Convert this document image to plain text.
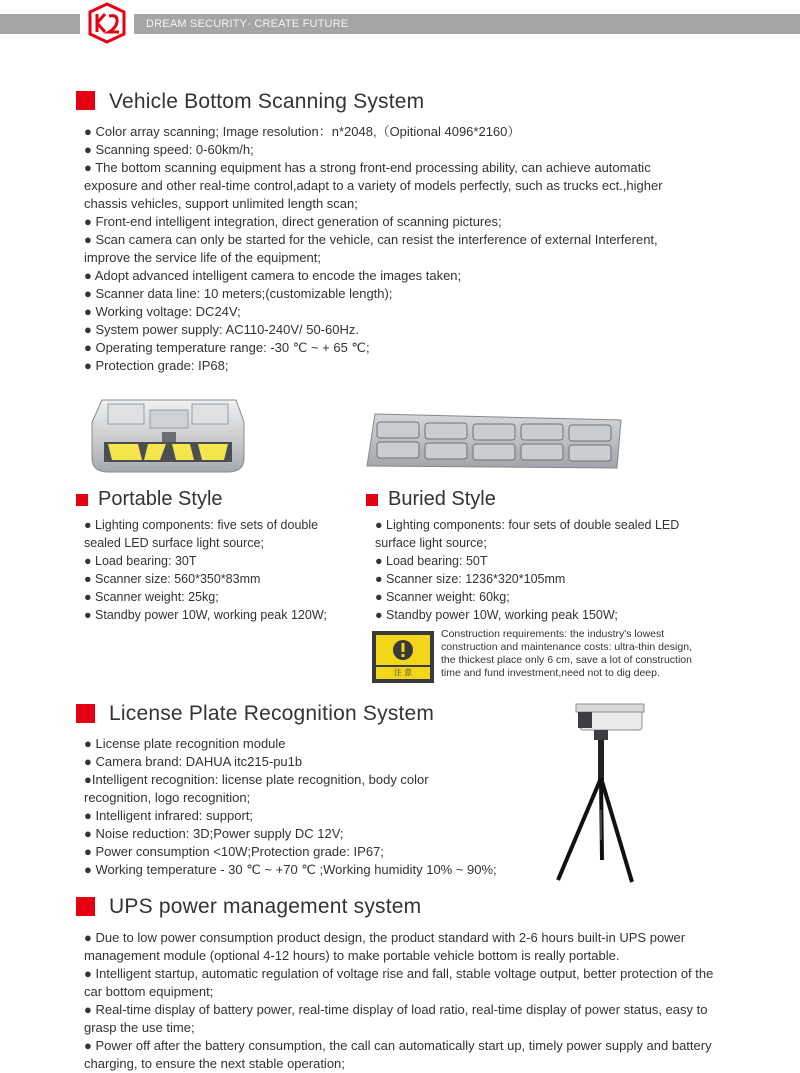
DREAM SECURITY· CREATE FUTURE
Vehicle Bottom Scanning System

● Color array scanning; Image resolution：n*2048,（Opitional 4096*2160）

● Scanning speed: 0-60km/h;

● The bottom scanning equipment has a strong front-end processing ability, can achieve automatic

exposure and other real-time control,adapt to a variety of models perfectly, such as trucks ect.,higher

chassis vehicles, support unlimited length scan;

● Front-end intelligent integration, direct generation of scanning pictures;

● Scan camera can only be started for the vehicle, can resist the interference of external Interferent,

improve the service life of the equipment;

● Adopt advanced intelligent camera to encode the images taken;

● Scanner data line: 10 meters;(customizable length);

● Working voltage: DC24V;

● System power supply: AC110-240V/ 50-60Hz.

● Operating temperature range: -30 ℃ ~ + 65 ℃;

● Protection grade: IP68;

Portable Style

● Lighting components: five sets of double

sealed LED surface light source;

● Load bearing: 30T

● Scanner size: 560*350*83mm

● Scanner weight: 25kg;

● Standby power 10W, working peak 120W;

Buried Style

● Lighting components: four sets of double sealed LED

surface light source;

● Load bearing: 50T

● Scanner size: 1236*320*105mm

● Scanner weight: 60kg;

● Standby power 10W, working peak 150W;

注 意

Construction requirements: the industry's lowest

construction and maintenance costs: ultra-thin design,

the thickest place only 6 cm, save a lot of construction

time and fund investment,need not to dig deep.

License Plate Recognition System

● License plate recognition module

● Camera brand: DAHUA itc215-pu1b

●Intelligent recognition: license plate recognition, body color

recognition, logo recognition;

● Intelligent infrared: support;

● Noise reduction: 3D;Power supply DC 12V;

● Power consumption <10W;Protection grade: IP67;

● Working temperature - 30 ℃ ~ +70 ℃ ;Working humidity 10% ~ 90%;

UPS power management system

● Due to low power consumption product design, the product standard with 2-6 hours built-in UPS power

management module (optional 4-12 hours) to make portable vehicle bottom is really portable.

● Intelligent startup, automatic regulation of voltage rise and fall, stable voltage output, better protection of the

car bottom equipment;

● Real-time display of battery power, real-time display of load ratio, real-time display of power status, easy to

grasp the use time;

● Power off after the battery consumption, the call can automatically start up, timely power supply and battery

charging, to ensure the next stable operation;
